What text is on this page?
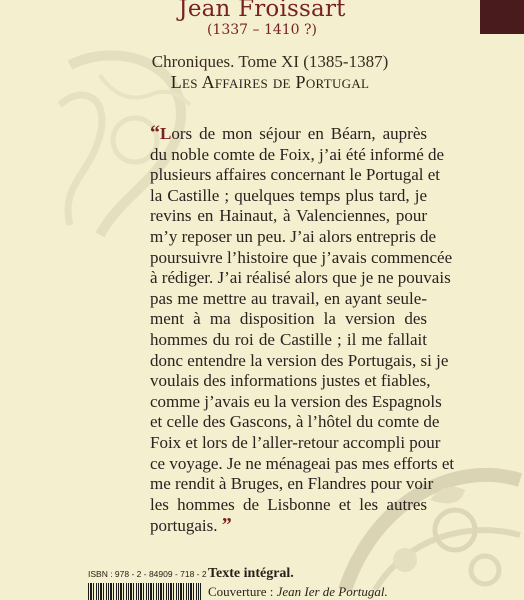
Jean Froissart
(1337 – 1410 ?)
Chroniques. Tome XI (1385-1387)
Les Affaires de Portugal
“Lors de mon séjour en Béarn, auprès
du noble comte de Foix, j’ai été informé de
plusieurs affaires concernant le Portugal et
la Castille ; quelques temps plus tard, je
revins en Hainaut, à Valenciennes, pour
m’y reposer un peu. J’ai alors entrepris de
poursuivre l’histoire que j’avais commencée
à rédiger. J’ai réalisé alors que je ne pouvais
pas me mettre au travail, en ayant seule-
ment à ma disposition la version des
hommes du roi de Castille ; il me fallait
donc entendre la version des Portugais, si je
voulais des informations justes et fiables,
comme j’avais eu la version des Espagnols
et celle des Gascons, à l’hôtel du comte de
Foix et lors de l’aller-retour accompli pour
ce voyage. Je ne ménageai pas mes efforts et
me rendit à Bruges, en Flandres pour voir
les hommes de Lisbonne et les autres
portugais. ”
ISBN : 978 - 2 - 84909 - 718 - 2 Texte intégral.
Couverture : Jean Ier de Portugal.
